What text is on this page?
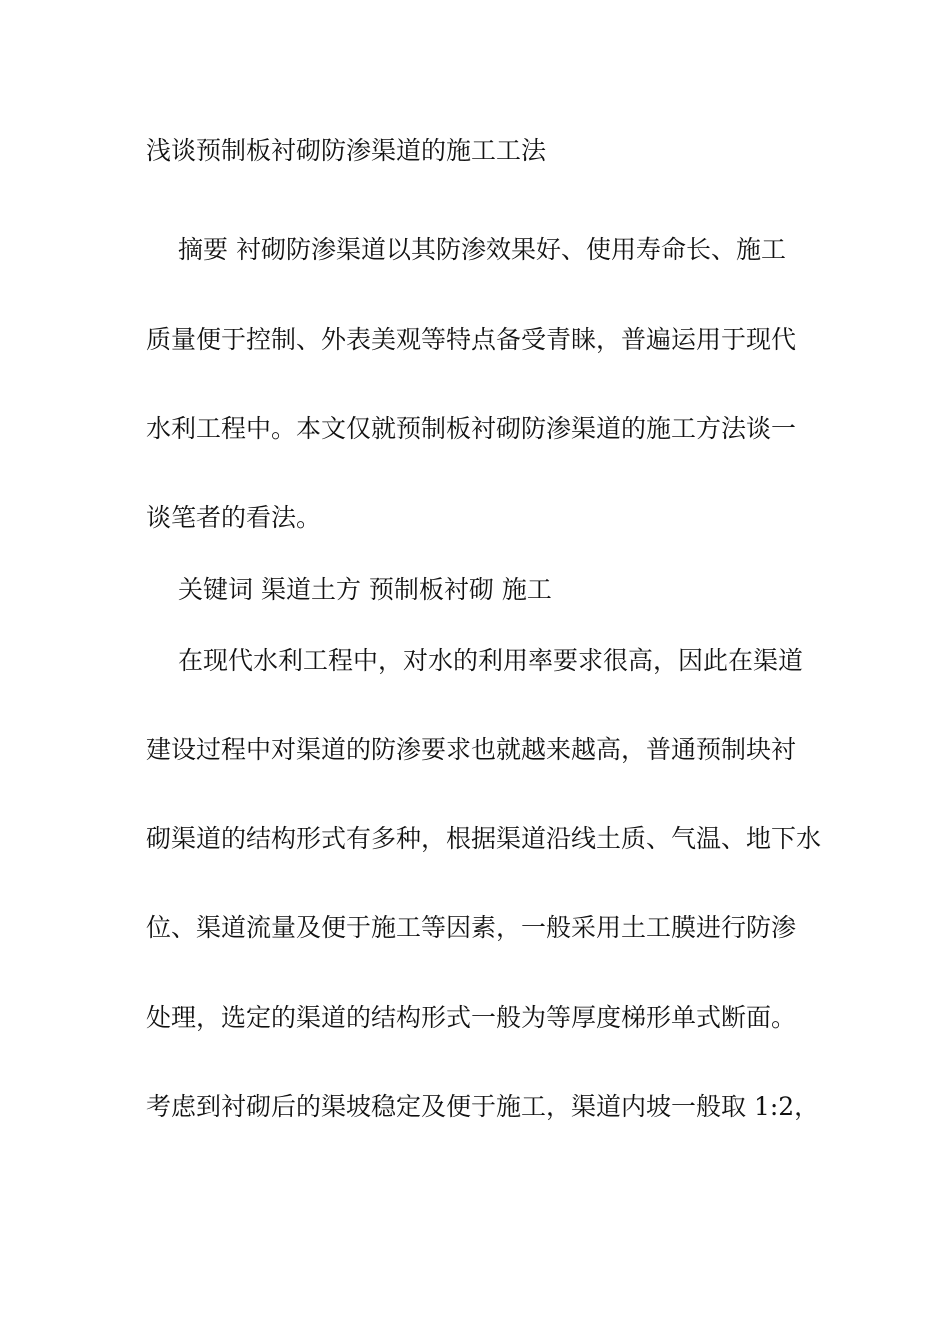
浅谈预制板衬砌防渗渠道的施工工法

摘要 衬砌防渗渠道以其防渗效果好、使用寿命长、施工

质量便于控制、外表美观等特点备受青睐，普遍运用于现代

水利工程中。本文仅就预制板衬砌防渗渠道的施工方法谈一

谈笔者的看法。

关键词 渠道土方 预制板衬砌 施工

在现代水利工程中，对水的利用率要求很高，因此在渠道

建设过程中对渠道的防渗要求也就越来越高，普通预制块衬

砌渠道的结构形式有多种，根据渠道沿线土质、气温、地下水

位、渠道流量及便于施工等因素，一般采用土工膜进行防渗

处理，选定的渠道的结构形式一般为等厚度梯形单式断面。

考虑到衬砌后的渠坡稳定及便于施工，渠道内坡一般取 1:2，
